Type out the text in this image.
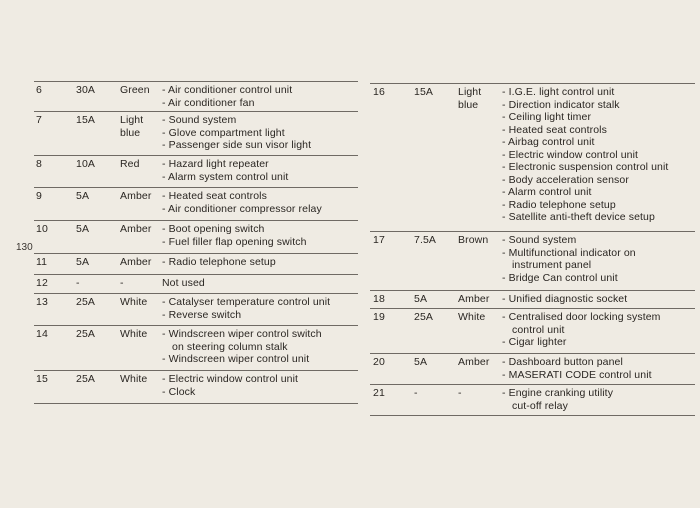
130
6	30A Green	- Air conditioner control unit
- Air conditioner fan
7	15A Light blue
- Sound system
- Glove compartment light
- Passenger side sun visor light
8	10A Red	- Hazard light repeater
- Alarm system control unit
9	5A	Amber	- Heated seat controls
- Air conditioner compressor relay
10	5A	Amber	- Boot opening switch
- Fuel filler flap opening switch
11	5A	Amber	- Radio telephone setup
12	-	-	Not used
13	25A White	- Catalyser temperature control unit
- Reverse switch
14	25A White	- Windscreen wiper control switch
on steering column stalk
- Windscreen wiper control unit
15	25A White	- Electric window control unit
- Clock
16	15A Light blue
- I.G.E. light control unit
- Direction indicator stalk
- Ceiling light timer
- Heated seat controls
- Airbag control unit
- Electric window control unit
- Electronic suspension control unit
- Body acceleration sensor
- Alarm control unit
- Radio telephone setup
- Satellite anti-theft device setup
17	7.5A Brown	- Sound system
- Multifunctional indicator on
instrument panel
- Bridge Can control unit
18	5A	Amber	- Unified diagnostic socket
19	25A White	- Centralised door locking system
control unit
- Cigar lighter
20	5A	Amber	- Dashboard button panel
- MASERATI CODE control unit
21	-	-	- Engine cranking utility
cut-off relay
